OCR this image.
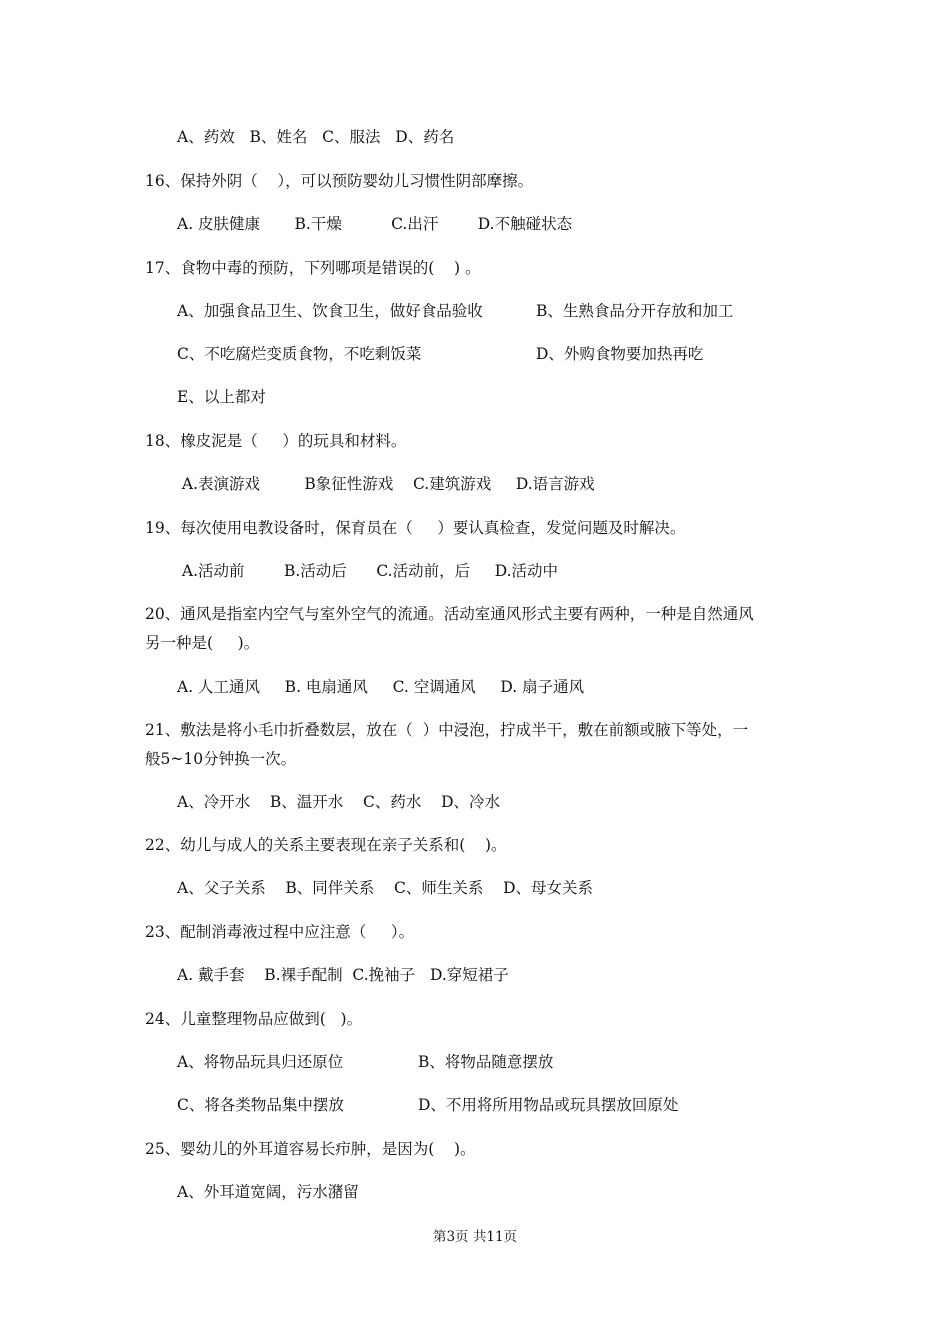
A、药效   B、姓名   C、服法   D、药名
16、保持外阴（    ），可以预防婴幼儿习惯性阴部摩擦。
A. 皮肤健康       B.干燥          C.出汗        D.不触碰状态
17、食物中毒的预防，下列哪项是错误的(    ) 。
A、加强食品卫生、饮食卫生，做好食品验收	B、生熟食品分开存放和加工
C、不吃腐烂变质食物，不吃剩饭菜	D、外购食物要加热再吃
E、以上都对
18、橡皮泥是（     ）的玩具和材料。
A.表演游戏         B象征性游戏    C.建筑游戏     D.语言游戏
19、每次使用电教设备时，保育员在（     ）要认真检查，发觉问题及时解决。
A.活动前        B.活动后      C.活动前，后     D.活动中
20、通风是指室内空气与室外空气的流通。活动室通风形式主要有两种，一种是自然通风
另一种是(     )。
A. 人工通风     B. 电扇通风     C. 空调通风     D. 扇子通风
21、敷法是将小毛巾折叠数层，放在（  ）中浸泡，拧成半干，敷在前额或腋下等处，一
般5~10分钟换一次。
A、冷开水    B、温开水    C、药水    D、冷水
22、幼儿与成人的关系主要表现在亲子关系和(    )。
A、父子关系    B、同伴关系    C、师生关系    D、母女关系
23、配制消毒液过程中应注意（     ）。
A. 戴手套    B.裸手配制  C.挽袖子   D.穿短裙子
24、儿童整理物品应做到(   )。
A、将物品玩具归还原位	B、将物品随意摆放
C、将各类物品集中摆放	D、不用将所用物品或玩具摆放回原处
25、婴幼儿的外耳道容易长疖肿，是因为(    )。
A、外耳道宽阔，污水潴留
第3页 共11页
